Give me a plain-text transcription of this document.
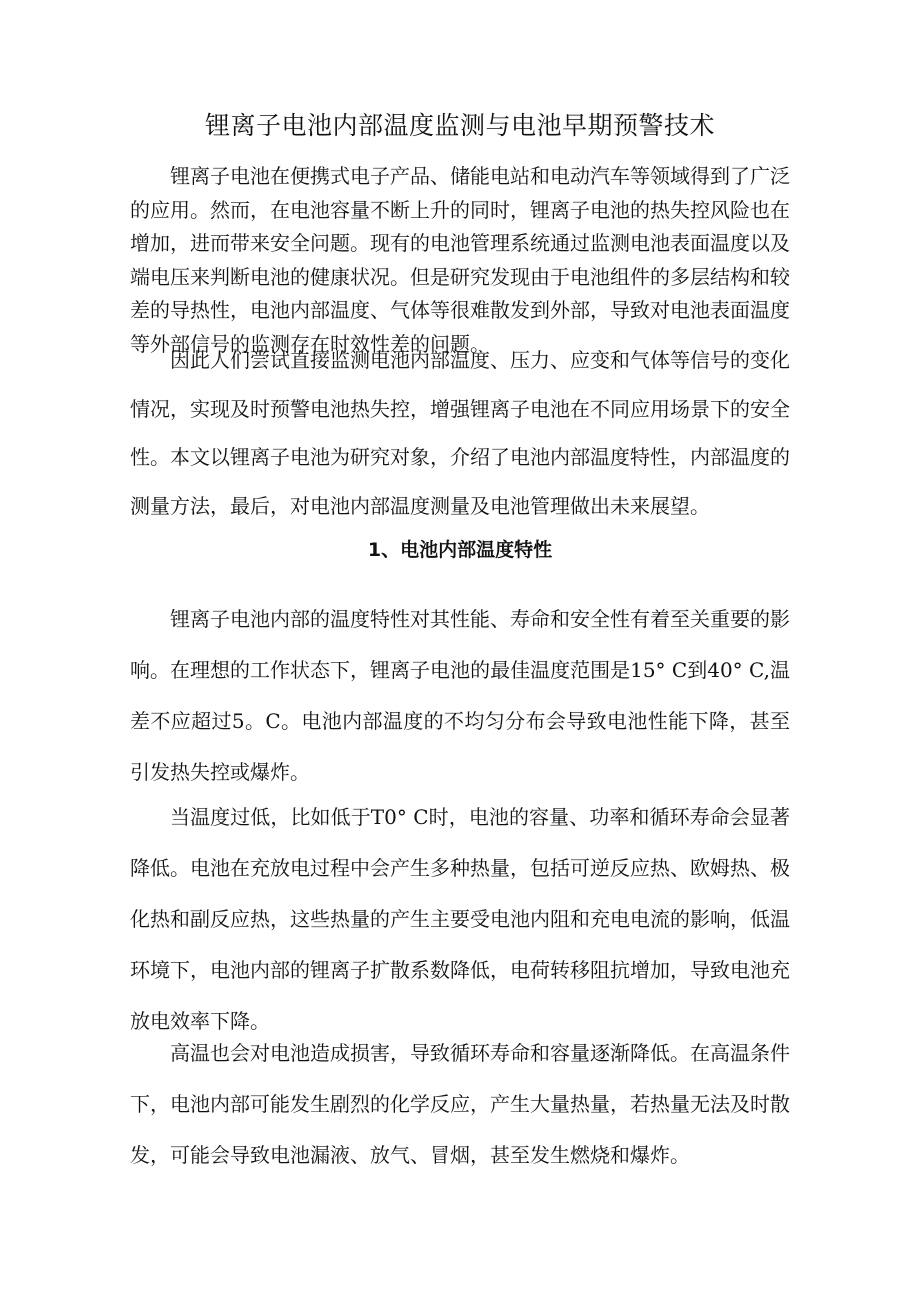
锂离子电池内部温度监测与电池早期预警技术

锂离子电池在便携式电子产品、储能电站和电动汽车等领域得到了广泛的应用。然而，在电池容量不断上升的同时，锂离子电池的热失控风险也在增加，进而带来安全问题。现有的电池管理系统通过监测电池表面温度以及端电压来判断电池的健康状况。但是研究发现由于电池组件的多层结构和较差的导热性，电池内部温度、气体等很难散发到外部，导致对电池表面温度等外部信号的监测存在时效性差的问题。

因此人们尝试直接监测电池内部温度、压力、应变和气体等信号的变化情况，实现及时预警电池热失控，增强锂离子电池在不同应用场景下的安全性。本文以锂离子电池为研究对象，介绍了电池内部温度特性，内部温度的测量方法，最后，对电池内部温度测量及电池管理做出未来展望。

1、电池内部温度特性

锂离子电池内部的温度特性对其性能、寿命和安全性有着至关重要的影响。在理想的工作状态下，锂离子电池的最佳温度范围是15° C到40° C,温差不应超过5。C。电池内部温度的不均匀分布会导致电池性能下降，甚至引发热失控或爆炸。

当温度过低，比如低于T0° C时，电池的容量、功率和循环寿命会显著降低。电池在充放电过程中会产生多种热量，包括可逆反应热、欧姆热、极化热和副反应热，这些热量的产生主要受电池内阻和充电电流的影响，低温环境下，电池内部的锂离子扩散系数降低，电荷转移阻抗增加，导致电池充放电效率下降。

高温也会对电池造成损害，导致循环寿命和容量逐渐降低。在高温条件下，电池内部可能发生剧烈的化学反应，产生大量热量，若热量无法及时散发，可能会导致电池漏液、放气、冒烟，甚至发生燃烧和爆炸。
